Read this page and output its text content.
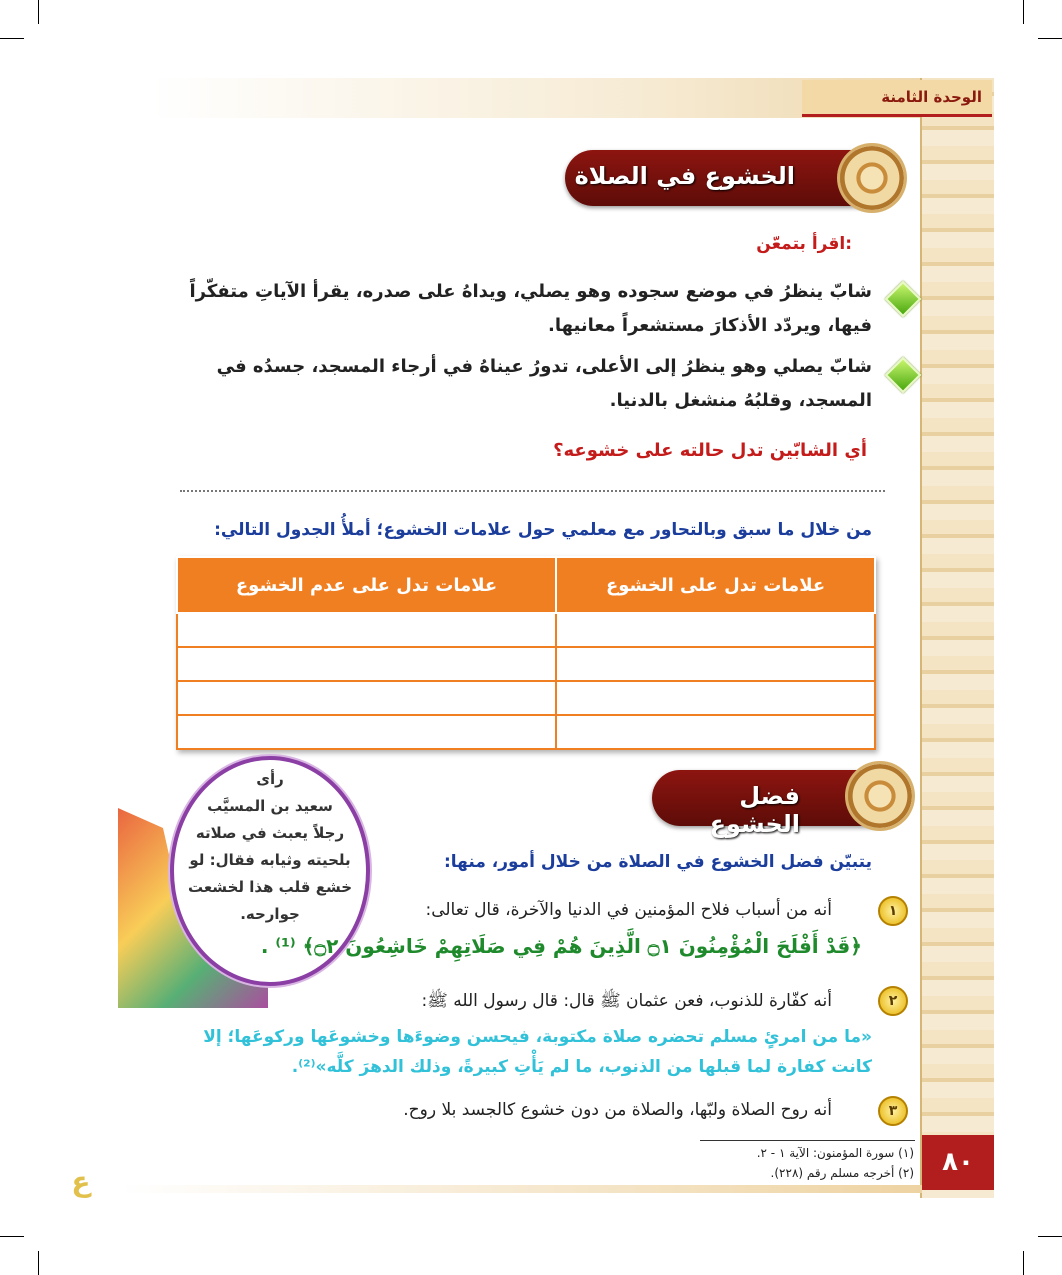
الوحدة الثامنة
الخشوع في الصلاة
اقرأ بتمعّن:
شابّ ينظرُ في موضع سجوده وهو يصلي، ويداهُ على صدره، يقرأ الآياتِ متفكّراً فيها، ويردّد الأذكارَ مستشعراً معانيها.
شابّ يصلي وهو ينظرُ إلى الأعلى، تدورُ عيناهُ في أرجاء المسجد، جسدُه في المسجد، وقلبُهُ منشغل بالدنيا.
أي الشابّين تدل حالته على خشوعه؟
من خلال ما سبق وبالتحاور مع معلمي حول علامات الخشوع؛ أملأُ الجدول التالي:
علامات تدل على الخشوع	علامات تدل على عدم الخشوع

رأى
سعيد بن المسيَّب
رجلاً يعبث في صلاته
بلحيته وثيابه فقال: لو
خشع قلب هذا لخشعت
جوارحه.
فضل الخشوع
يتبيّن فضل الخشوع في الصلاة من خلال أمور، منها:
١
أنه من أسباب فلاح المؤمنين في الدنيا والآخرة، قال تعالى:
﴿قَدْ أَفْلَحَ الْمُؤْمِنُونَ ۝١ الَّذِينَ هُمْ فِي صَلَاتِهِمْ خَاشِعُونَ ۝٢﴾ ⁽¹⁾ .
٢
أنه كفّارة للذنوب، فعن عثمان ﷺ قال: قال رسول الله ﷺ:
«ما من امرئٍ مسلم تحضره صلاة مكتوبة، فيحسن وضوءَها وخشوعَها وركوعَها؛ إلا كانت كفارة لما قبلها من الذنوب، ما لم يَأْتِ كبيرةً، وذلك الدهرَ كلَّه»⁽²⁾.
٣
أنه روح الصلاة ولبّها، والصلاة من دون خشوع كالجسد بلا روح.
(١) سورة المؤمنون: الآية ١ - ٢.
(٢) أخرجه مسلم رقم (٢٢٨).	٨٠
ع
